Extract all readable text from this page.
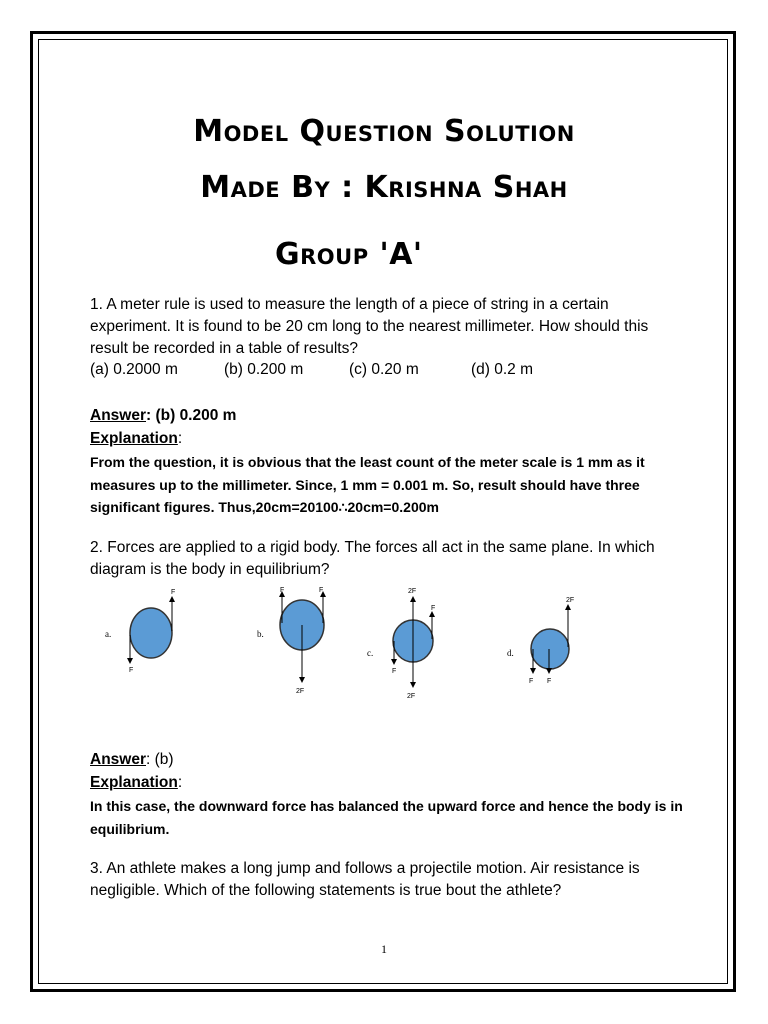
Model Question Solution
Made By : Krishna Shah
Group 'A'

1. A meter rule is used to measure the length of a piece of string in a certain experiment. It is found to be 20 cm long to the nearest millimeter. How should this result be recorded in a table of results?

(a) 0.2000 m	(b) 0.200 m	(c) 0.20 m	(d) 0.2 m
Answer: (b) 0.200 m
Explanation:

From the question, it is obvious that the least count of the meter scale is 1 mm as it measures up to the millimeter. Since, 1 mm = 0.001 m. So, result should have three significant figures. Thus,20cm=20100∴20cm=0.200m

2. Forces are applied to a rigid body. The forces all act in the same plane. In which diagram is the body in equilibrium?

a.
F
F
b.
F	F
2F
c.
2F
F
F
2F
d.
2F
F F
Answer: (b)
Explanation:

In this case, the downward force has balanced the upward force and hence the body is in equilibrium.

3. An athlete makes a long jump and follows a projectile motion. Air resistance is negligible. Which of the following statements is true bout the athlete?

1
